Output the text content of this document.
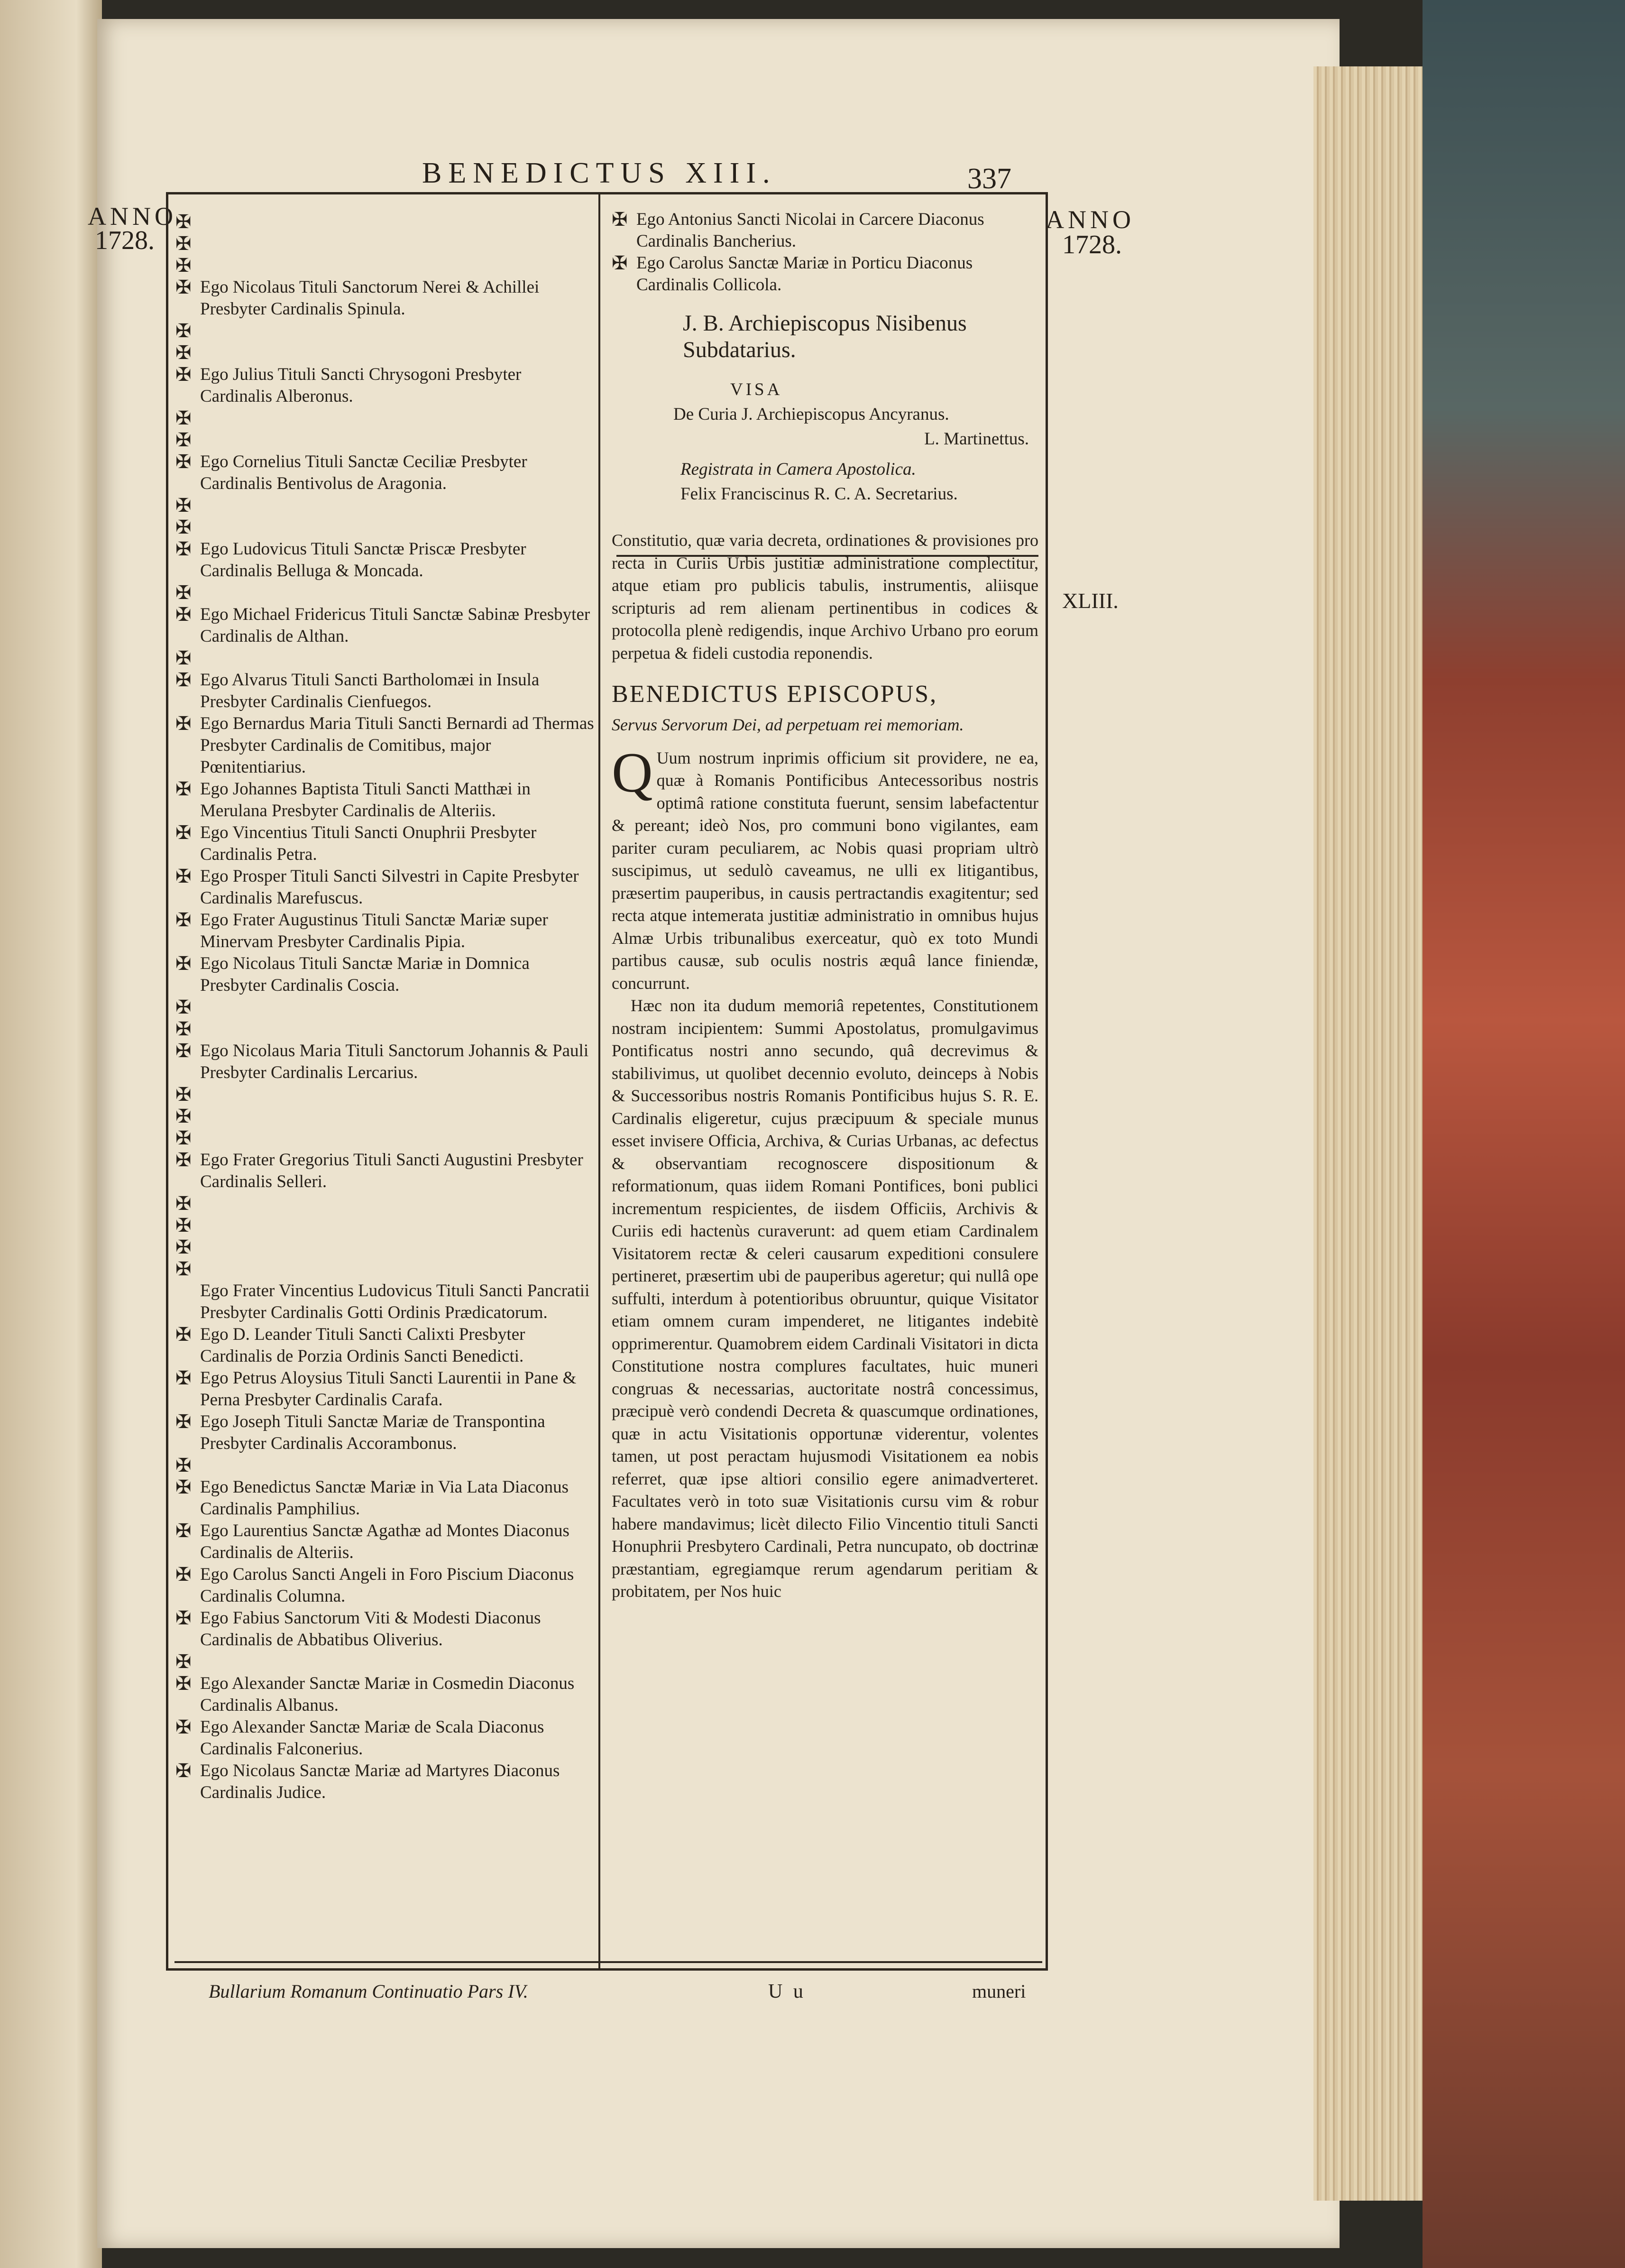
BENEDICTUS XIII.	337
ANNO
1728.
ANNO
1728.
XLIII.
✠
✠
✠
✠ Ego Nicolaus Tituli Sanctorum Nerei & Achillei Presbyter Cardinalis Spinula.
✠
✠
✠ Ego Julius Tituli Sancti Chrysogoni Presbyter Cardinalis Alberonus.
✠
✠
✠ Ego Cornelius Tituli Sanctæ Ceciliæ Presbyter Cardinalis Bentivolus de Aragonia.
✠
✠
✠ Ego Ludovicus Tituli Sanctæ Priscæ Presbyter Cardinalis Belluga & Moncada.
✠
✠ Ego Michael Fridericus Tituli Sanctæ Sabinæ Presbyter Cardinalis de Althan.
✠
✠ Ego Alvarus Tituli Sancti Bartholomæi in Insula Presbyter Cardinalis Cienfuegos.
✠ Ego Bernardus Maria Tituli Sancti Bernardi ad Thermas Presbyter Cardinalis de Comitibus, major Pœnitentiarius.
✠ Ego Johannes Baptista Tituli Sancti Matthæi in Merulana Presbyter Cardinalis de Alteriis.
✠ Ego Vincentius Tituli Sancti Onuphrii Presbyter Cardinalis Petra.
✠ Ego Prosper Tituli Sancti Silvestri in Capite Presbyter Cardinalis Marefuscus.
✠ Ego Frater Augustinus Tituli Sanctæ Mariæ super Minervam Presbyter Cardinalis Pipia.
✠ Ego Nicolaus Tituli Sanctæ Mariæ in Domnica Presbyter Cardinalis Coscia.
✠
✠
✠ Ego Nicolaus Maria Tituli Sanctorum Johannis & Pauli Presbyter Cardinalis Lercarius.
✠
✠
✠
✠ Ego Frater Gregorius Tituli Sancti Augustini Presbyter Cardinalis Selleri.
✠
✠
✠
✠
Ego Frater Vincentius Ludovicus Tituli Sancti Pancratii Presbyter Cardinalis Gotti Ordinis Prædicatorum.
✠ Ego D. Leander Tituli Sancti Calixti Presbyter Cardinalis de Porzia Ordinis Sancti Benedicti.
✠ Ego Petrus Aloysius Tituli Sancti Laurentii in Pane & Perna Presbyter Cardinalis Carafa.
✠ Ego Joseph Tituli Sanctæ Mariæ de Transpontina Presbyter Cardinalis Accorambonus.
✠
✠ Ego Benedictus Sanctæ Mariæ in Via Lata Diaconus Cardinalis Pamphilius.
✠ Ego Laurentius Sanctæ Agathæ ad Montes Diaconus Cardinalis de Alteriis.
✠ Ego Carolus Sancti Angeli in Foro Piscium Diaconus Cardinalis Columna.
✠ Ego Fabius Sanctorum Viti & Modesti Diaconus Cardinalis de Abbatibus Oliverius.
✠
✠ Ego Alexander Sanctæ Mariæ in Cosmedin Diaconus Cardinalis Albanus.
✠ Ego Alexander Sanctæ Mariæ de Scala Diaconus Cardinalis Falconerius.
✠ Ego Nicolaus Sanctæ Mariæ ad Martyres Diaconus Cardinalis Judice.
✠ Ego Antonius Sancti Nicolai in Carcere Diaconus Cardinalis Bancherius.
✠ Ego Carolus Sanctæ Mariæ in Porticu Diaconus Cardinalis Collicola.
J. B. Archiepiscopus Nisibenus Subdatarius.

VISA

De Curia J. Archiepiscopus Ancyranus.

L. Martinettus.

Registrata in Camera Apostolica.

Felix Franciscinus R. C. A. Secretarius.

Constitutio, quæ varia decreta, ordinationes & provisiones pro recta in Curiis Urbis justitiæ administratione complectitur, atque etiam pro publicis tabulis, instrumentis, aliisque scripturis ad rem alienam pertinentibus in codices & protocolla plenè redigendis, inque Archivo Urbano pro eorum perpetua & fideli custodia reponendis.
BENEDICTUS EPISCOPUS,
Servus Servorum Dei, ad perpetuam rei memoriam.

Q Uum nostrum inprimis officium sit providere, ne ea, quæ à Romanis Pontificibus Antecessoribus nostris optimâ ratione constituta fuerunt, sensim labefactentur & pereant; ideò Nos, pro communi bono vigilantes, eam pariter curam peculiarem, ac Nobis quasi propriam ultrò suscipimus, ut sedulò caveamus, ne ulli ex litigantibus, præsertim pauperibus, in causis pertractandis exagitentur; sed recta atque intemerata justitiæ administratio in omnibus hujus Almæ Urbis tribunalibus exerceatur, quò ex toto Mundi partibus causæ, sub oculis nostris æquâ lance finiendæ, concurrunt.

Hæc non ita dudum memoriâ repetentes, Constitutionem nostram incipientem: Summi Apostolatus, promulgavimus Pontificatus nostri anno secundo, quâ decrevimus & stabilivimus, ut quolibet decennio evoluto, deinceps à Nobis & Successoribus nostris Romanis Pontificibus hujus S. R. E. Cardinalis eligeretur, cujus præcipuum & speciale munus esset invisere Officia, Archiva, & Curias Urbanas, ac defectus & observantiam recognoscere dispositionum & reformationum, quas iidem Romani Pontifices, boni publici incrementum respicientes, de iisdem Officiis, Archivis & Curiis edi hactenùs curaverunt: ad quem etiam Cardinalem Visitatorem rectæ & celeri causarum expeditioni consulere pertineret, præsertim ubi de pauperibus ageretur; qui nullâ ope suffulti, interdum à potentioribus obruuntur, quique Visitator etiam omnem curam impenderet, ne litigantes indebitè opprimerentur. Quamobrem eidem Cardinali Visitatori in dicta Constitutione nostra complures facultates, huic muneri congruas & necessarias, auctoritate nostrâ concessimus, præcipuè verò condendi Decreta & quascumque ordinationes, quæ in actu Visitationis opportunæ viderentur, volentes tamen, ut post peractam hujusmodi Visitationem ea nobis referret, quæ ipse altiori consilio egere animadverteret. Facultates verò in toto suæ Visitationis cursu vim & robur habere mandavimus; licèt dilecto Filio Vincentio tituli Sancti Honuphrii Presbytero Cardinali, Petra nuncupato, ob doctrinæ præstantiam, egregiamque rerum agendarum peritiam & probitatem, per Nos huic

Bullarium Romanum Continuatio Pars IV.	U u	muneri
